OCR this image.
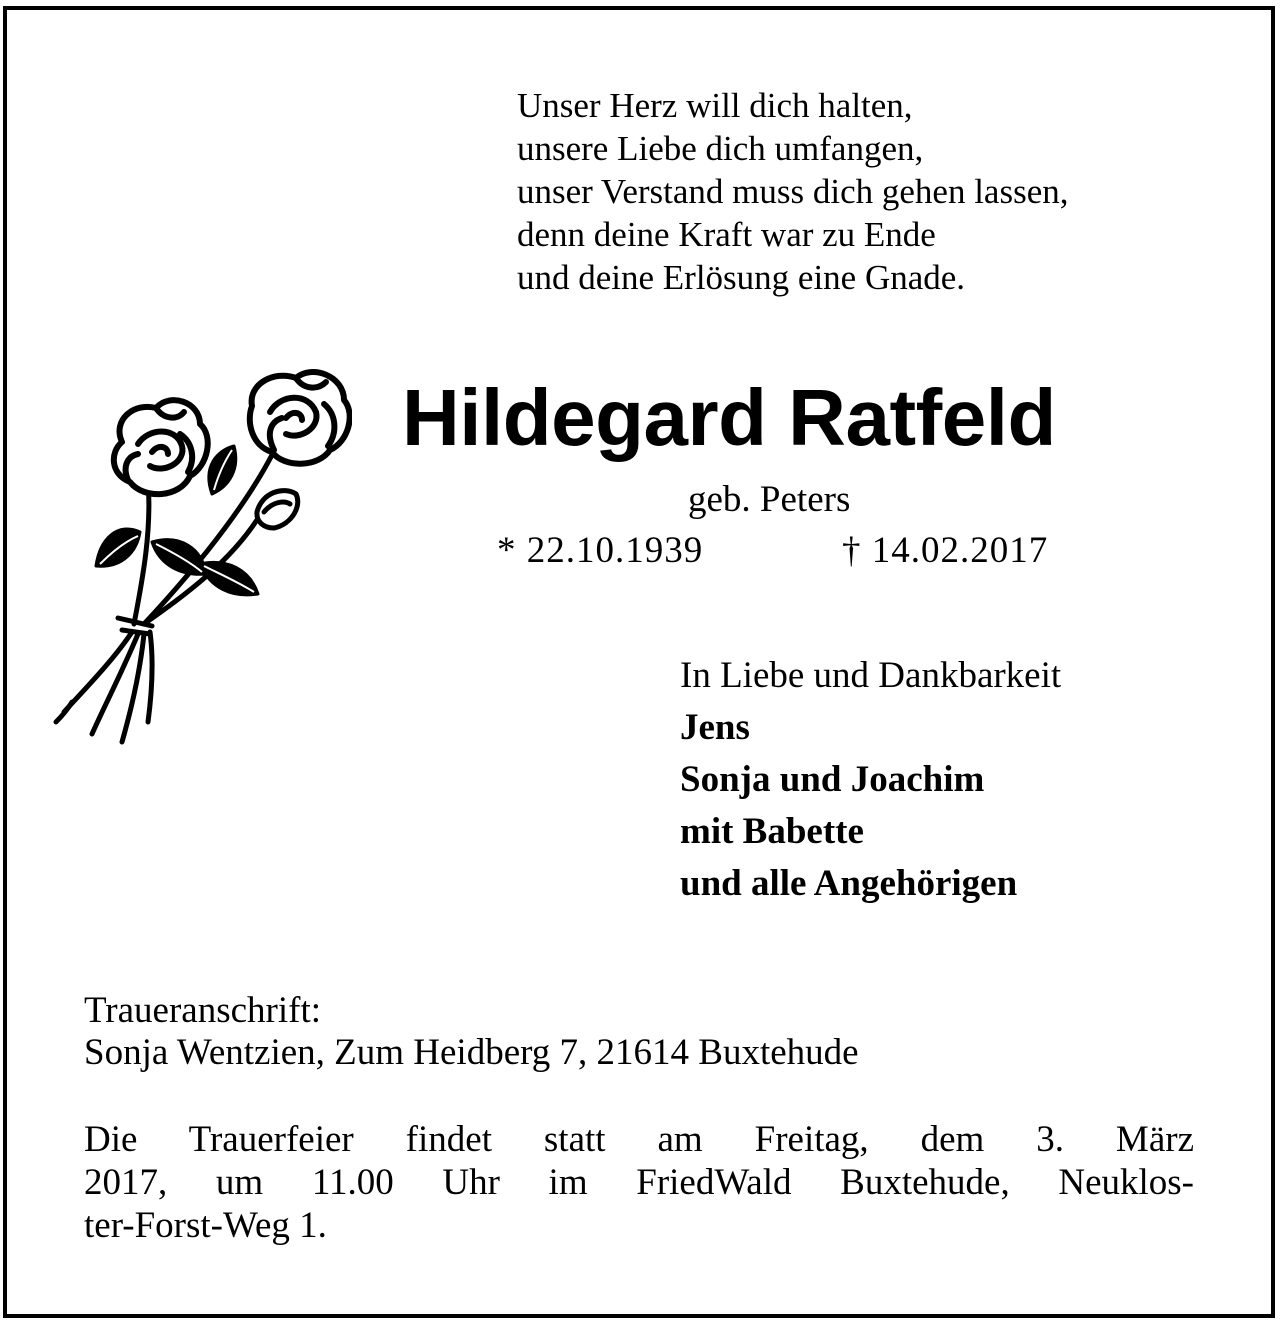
Unser Herz will dich halten,
unsere Liebe dich umfangen,
unser Verstand muss dich gehen lassen,
denn deine Kraft war zu Ende
und deine Erlösung eine Gnade.
Hildegard Ratfeld
geb. Peters
* 22.10.1939	† 14.02.2017
In Liebe und Dankbarkeit
Jens
Sonja und Joachim
mit Babette
und alle Angehörigen
Traueranschrift:
Sonja Wentzien, Zum Heidberg 7, 21614 Buxtehude
Die Trauerfeier findet statt am Freitag, dem 3. März
2017, um 11.00 Uhr im FriedWald Buxtehude, Neuklos-
ter-Forst-Weg 1.
